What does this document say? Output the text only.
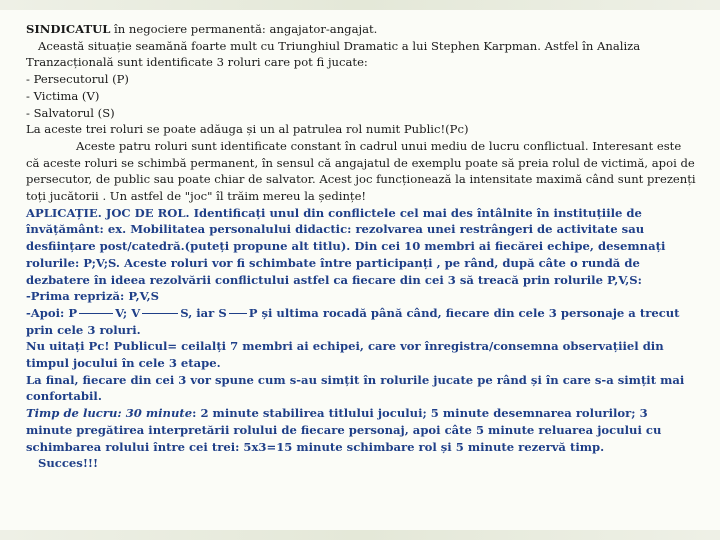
SINDICATUL în negociere permanentă: angajator-angajat.

Această situație seamănă foarte mult cu Triunghiul Dramatic a lui Stephen Karpman. Astfel în Analiza Tranzacțională sunt identificate 3 roluri care pot fi jucate:

- Persecutorul (P)

- Victima (V)

- Salvatorul (S)

La aceste trei roluri se poate adăuga și un al patrulea rol numit Public!(Pc)

Aceste patru roluri sunt identificate constant în cadrul unui mediu de lucru conflictual. Interesant este că aceste roluri se schimbă permanent, în sensul că angajatul de exemplu poate să preia rolul de victimă, apoi de persecutor, de public sau poate chiar de salvator. Acest joc funcționează la intensitate maximă când sunt prezenți toți jucătorii . Un astfel de "joc" îl trăim mereu la ședințe!

APLICAȚIE. JOC DE ROL. Identificați unul din conflictele cel mai des întâlnite în instituțiile de învățământ: ex. Mobilitatea personalului didactic: rezolvarea unei restrângeri de activitate sau desființare post/catedră.(puteți propune alt titlu). Din cei 10 membri ai fiecărei echipe, desemnați rolurile: P;V;S. Aceste roluri vor fi schimbate între participanți , pe rând, după câte o rundă de dezbatere în ideea rezolvării conflictului astfel ca fiecare din cei 3 să treacă prin rolurile P,V,S:

-Prima repriză: P,V,S

-Apoi: P	V; V	S, iar S P și ultima rocadă până când, fiecare din cele 3 personaje a trecut prin cele 3 roluri.

Nu uitați Pc! Publicul= ceilalți 7 membri ai echipei, care vor înregistra/consemna observațiiel din timpul jocului în cele 3 etape.

La final, fiecare din cei 3 vor spune cum s-au simțit în rolurile jucate pe rând și în care s-a simțit mai confortabil.

Timp de lucru: 30 minute: 2 minute stabilirea titlului jocului; 5 minute desemnarea rolurilor; 3 minute pregătirea interpretării rolului de fiecare personaj, apoi câte 5 minute reluarea jocului cu schimbarea rolului între cei trei: 5x3=15 minute schimbare rol și 5 minute rezervă timp.

Succes!!!
